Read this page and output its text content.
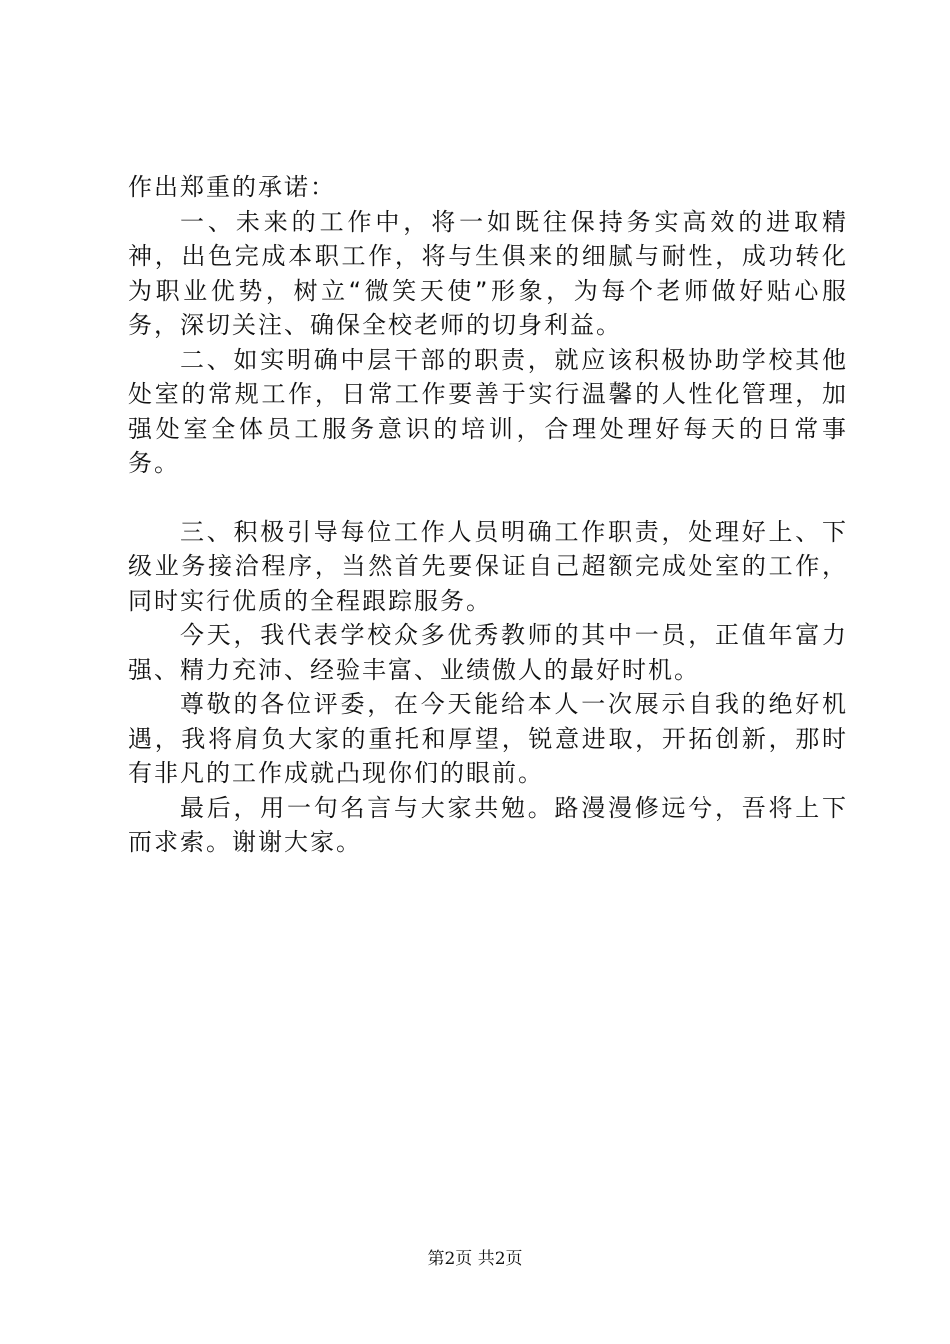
作出郑重的承诺：

一、未来的工作中，将一如既往保持务实高效的进取精神，出色完成本职工作，将与生俱来的细腻与耐性，成功转化为职业优势，树立“微笑天使”形象，为每个老师做好贴心服务，深切关注、确保全校老师的切身利益。

二、如实明确中层干部的职责，就应该积极协助学校其他处室的常规工作，日常工作要善于实行温馨的人性化管理，加强处室全体员工服务意识的培训，合理处理好每天的日常事务。

三、积极引导每位工作人员明确工作职责，处理好上、下级业务接洽程序，当然首先要保证自己超额完成处室的工作，同时实行优质的全程跟踪服务。

今天，我代表学校众多优秀教师的其中一员，正值年富力强、精力充沛、经验丰富、业绩傲人的最好时机。

尊敬的各位评委，在今天能给本人一次展示自我的绝好机遇，我将肩负大家的重托和厚望，锐意进取，开拓创新，那时有非凡的工作成就凸现你们的眼前。

最后，用一句名言与大家共勉。路漫漫修远兮，吾将上下而求索。谢谢大家。

第2页 共2页
